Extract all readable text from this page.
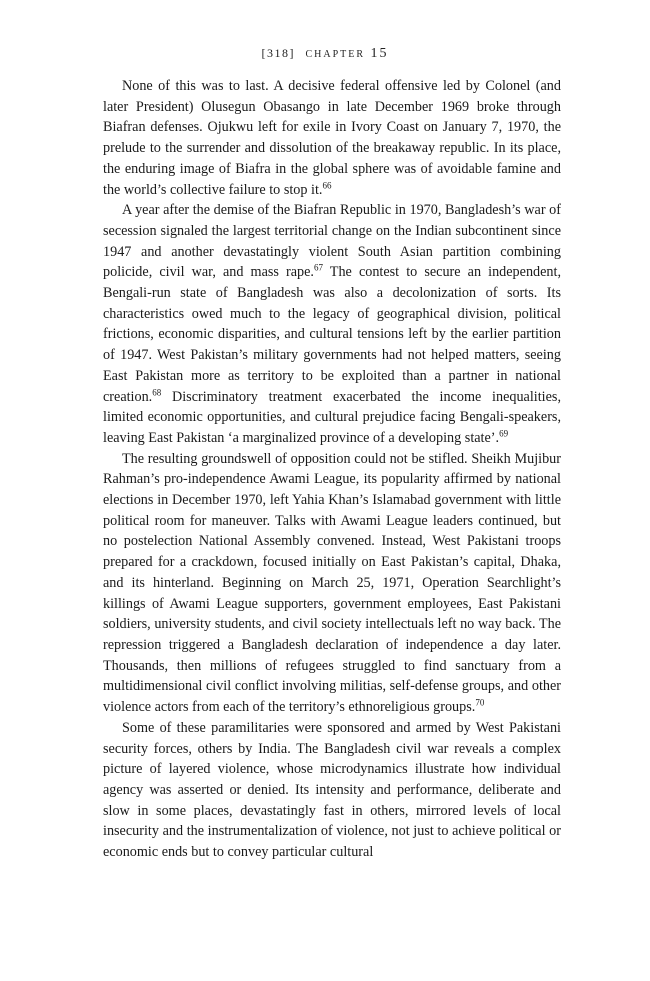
[318] chapter 15

None of this was to last. A decisive federal offensive led by Colonel (and later President) Olusegun Obasango in late December 1969 broke through Biafran defenses. Ojukwu left for exile in Ivory Coast on January 7, 1970, the prelude to the surrender and dissolution of the breakaway republic. In its place, the enduring image of Biafra in the global sphere was of avoidable famine and the world’s collective failure to stop it.$^{66}$

A year after the demise of the Biafran Republic in 1970, Bangladesh’s war of secession signaled the largest territorial change on the Indian subcontinent since 1947 and another devastatingly violent South Asian partition combining policide, civil war, and mass rape.$^{67}$ The contest to secure an independent, Bengali-run state of Bangladesh was also a decolonization of sorts. Its characteristics owed much to the legacy of geographical division, political frictions, economic disparities, and cultural tensions left by the earlier partition of 1947. West Pakistan’s military governments had not helped matters, seeing East Pakistan more as territory to be exploited than a partner in national creation.$^{68}$ Discriminatory treatment exacerbated the income inequalities, limited economic opportunities, and cultural prejudice facing Bengali-speakers, leaving East Pakistan ‘a marginalized province of a developing state’.$^{69}$

The resulting groundswell of opposition could not be stifled. Sheikh Mujibur Rahman’s pro-independence Awami League, its popularity affirmed by national elections in December 1970, left Yahia Khan’s Islamabad government with little political room for maneuver. Talks with Awami League leaders continued, but no postelection National Assembly convened. Instead, West Pakistani troops prepared for a crackdown, focused initially on East Pakistan’s capital, Dhaka, and its hinterland. Beginning on March 25, 1971, Operation Searchlight’s killings of Awami League supporters, government employees, East Pakistani soldiers, university students, and civil society intellectuals left no way back. The repression triggered a Bangladesh declaration of independence a day later. Thousands, then millions of refugees struggled to find sanctuary from a multidimensional civil conflict involving militias, self-defense groups, and other violence actors from each of the territory’s ethnoreligious groups.$^{70}$

Some of these paramilitaries were sponsored and armed by West Pakistani security forces, others by India. The Bangladesh civil war reveals a complex picture of layered violence, whose microdynamics illustrate how individual agency was asserted or denied. Its intensity and performance, deliberate and slow in some places, devastatingly fast in others, mirrored levels of local insecurity and the instrumentalization of violence, not just to achieve political or economic ends but to convey particular cultural
